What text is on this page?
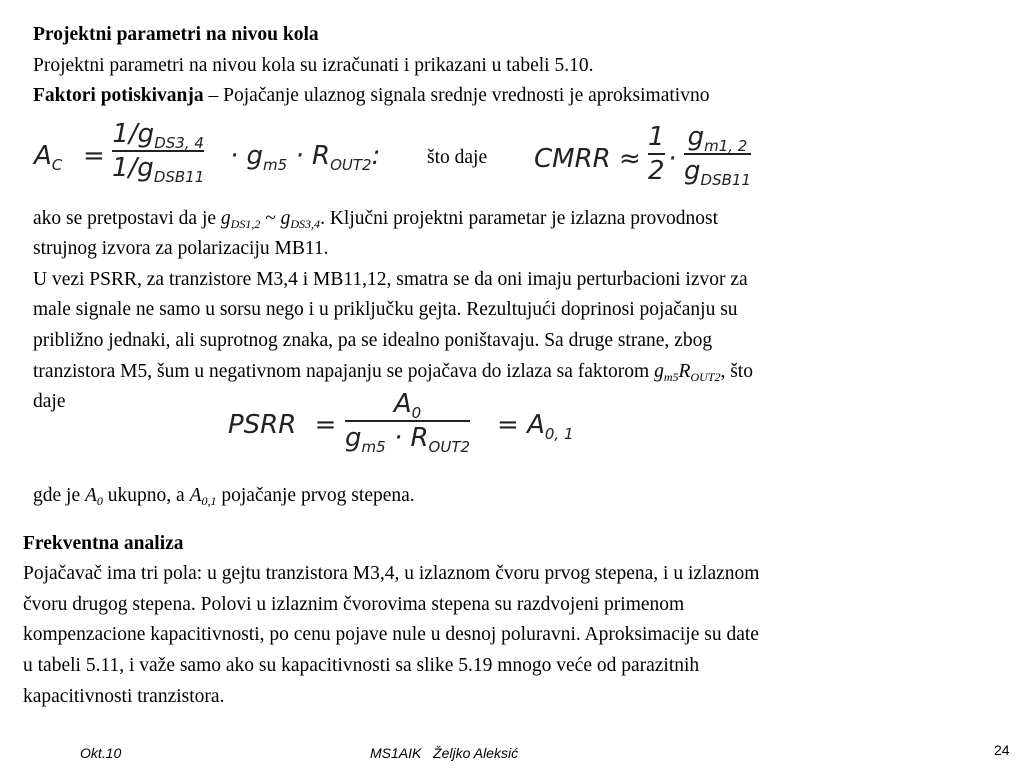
Projektni parametri na nivou kola

Projektni parametri na nivou kola su izračunati i prikazani u tabeli 5.10.

Faktori potiskivanja – Pojačanje ulaznog signala srednje vrednosti je aproksimativno

$A_C$ =
$1/g_{DS3, 4}$
$1/g_{DSB11}$
· $g_{m5} \cdot R_{OUT2}$: što daje CMRR ≈
1
2 ·
$g_{m1, 2}$
$g_{DSB11}$

ako se pretpostavi da je $g_{DS1,2}$ ~ $g_{DS3,4}$. Ključni projektni parametar je izlazna provodnost

strujnog izvora za polarizaciju MB11.

U vezi PSRR, za tranzistore M3,4 i MB11,12, smatra se da oni imaju perturbacioni izvor za

male signale ne samo u sorsu nego i u priključku gejta. Rezultujući doprinosi pojačanju su

približno jednaki, ali suprotnog znaka, pa se idealno poništavaju. Sa druge strane, zbog

tranzistora M5, šum u negativnom napajanju se pojačava do izlaza sa faktorom $g_{m5}R_{OUT2}$, što

daje

PSRR =
$A_0$
$g_{m5} \cdot R_{OUT2}$
= $A_{0, 1}$

gde je $A_0$ ukupno, a $A_{0,1}$ pojačanje prvog stepena.

Frekventna analiza

Pojačavač ima tri pola: u gejtu tranzistora M3,4, u izlaznom čvoru prvog stepena, i u izlaznom

čvoru drugog stepena. Polovi u izlaznim čvorovima stepena su razdvojeni primenom

kompenzacione kapacitivnosti, po cenu pojave nule u desnoj poluravni. Aproksimacije su date

u tabeli 5.11, i važe samo ako su kapacitivnosti sa slike 5.19 mnogo veće od parazitnih

kapacitivnosti tranzistora.

Okt.10	MS1AIK   Željko Aleksić	24
